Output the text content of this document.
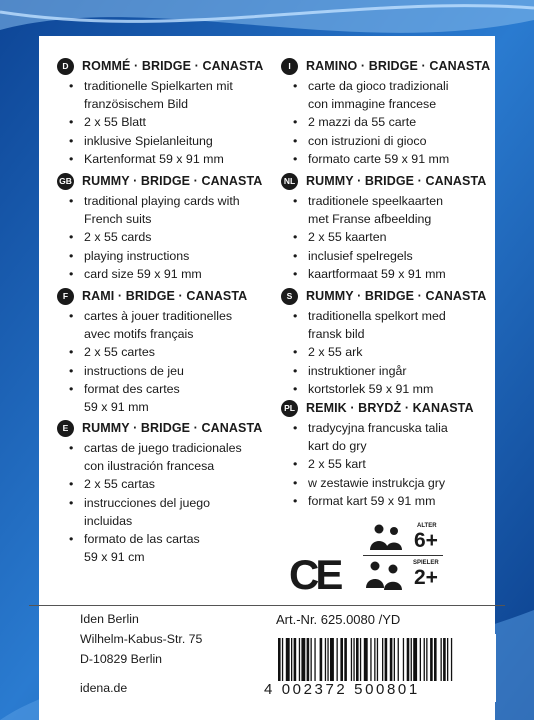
D	ROMMÉ · BRIDGE · CANASTA
• traditionelle Spielkarten mit
französischem Bild
• 2 x 55 Blatt
• inklusive Spielanleitung
• Kartenformat 59 x 91 mm
GB RUMMY · BRIDGE · CANASTA
• traditional playing cards with
French suits
• 2 x 55 cards
• playing instructions
• card size 59 x 91 mm
F	RAMI · BRIDGE · CANASTA
• cartes à jouer traditionelles
avec motifs français
• 2 x 55 cartes
• instructions de jeu
• format des cartes
59 x 91 mm
E	RUMMY · BRIDGE · CANASTA
• cartas de juego tradicionales
con ilustración francesa
• 2 x 55 cartas
• instrucciones del juego
incluidas
• formato de las cartas
59 x 91 cm
I	RAMINO · BRIDGE · CANASTA
• carte da gioco tradizionali
con immagine francese
• 2 mazzi da 55 carte
• con istruzioni di gioco
• formato carte 59 x 91 mm
NL RUMMY · BRIDGE · CANASTA
• traditionele speelkaarten
met Franse afbeelding
• 2 x 55 kaarten
• inclusief spelregels
• kaartformaat 59 x 91 mm
S	RUMMY · BRIDGE · CANASTA
• traditionella spelkort med
fransk bild
• 2 x 55 ark
• instruktioner ingår
• kortstorlek 59 x 91 mm
PL REMIK · BRYDŻ · KANASTA
• tradycyjna francuska talia
kart do gry
• 2 x 55 kart
• w zestawie instrukcja gry
• format kart 59 x 91 mm
CE
ALTER
6+
SPIELER
2+
Iden Berlin
Wilhelm-Kabus-Str. 75
D-10829 Berlin
idena.de
Art.-Nr. 625.0080 /YD
4 002372 500801
